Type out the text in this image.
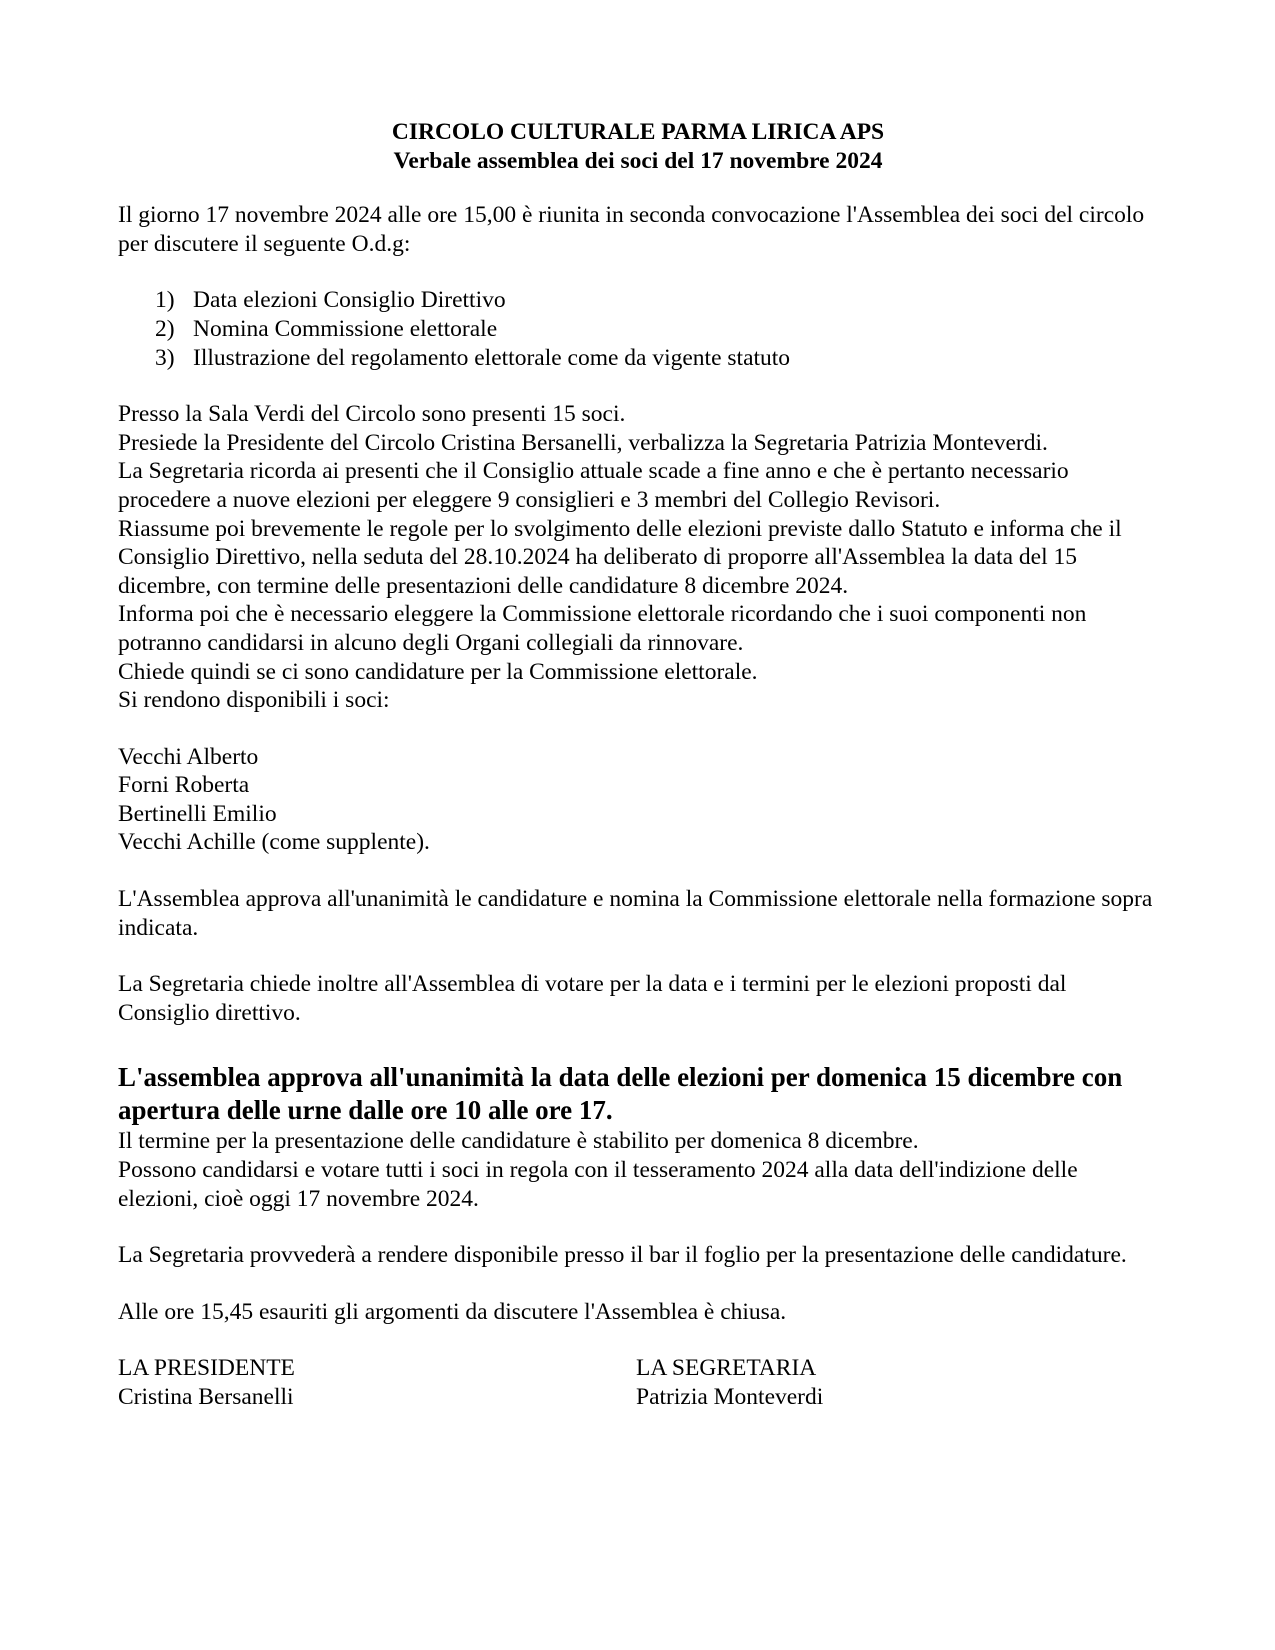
CIRCOLO CULTURALE PARMA LIRICA APS
Verbale assemblea dei soci del 17 novembre 2024

Il giorno 17 novembre 2024 alle ore 15,00 è riunita in seconda convocazione l'Assemblea dei soci del circolo per discutere il seguente O.d.g:

1) Data elezioni Consiglio Direttivo
2) Nomina Commissione elettorale
3) Illustrazione del regolamento elettorale come da vigente statuto

Presso la Sala Verdi del Circolo sono presenti 15 soci.
Presiede la Presidente del Circolo Cristina Bersanelli, verbalizza la Segretaria Patrizia Monteverdi.
La Segretaria ricorda ai presenti che il Consiglio attuale scade a fine anno e che è pertanto necessario procedere a nuove elezioni per eleggere 9 consiglieri e 3 membri del Collegio Revisori.
Riassume poi brevemente le regole per lo svolgimento delle elezioni previste dallo Statuto e informa che il Consiglio Direttivo, nella seduta del 28.10.2024 ha deliberato di proporre all'Assemblea la data del 15 dicembre, con termine delle presentazioni delle candidature 8 dicembre 2024.
Informa poi che è necessario eleggere la Commissione elettorale ricordando che i suoi componenti non potranno candidarsi in alcuno degli Organi collegiali da rinnovare.
Chiede quindi se ci sono candidature per la Commissione elettorale.
Si rendono disponibili i soci:

Vecchi Alberto
Forni Roberta
Bertinelli Emilio
Vecchi Achille (come supplente).

L'Assemblea approva all'unanimità le candidature e nomina la Commissione elettorale nella formazione sopra indicata.

La Segretaria chiede inoltre all'Assemblea di votare per la data e i termini per le elezioni proposti dal Consiglio direttivo.

L'assemblea approva all'unanimità la data delle elezioni per domenica 15 dicembre con apertura delle urne dalle ore 10 alle ore 17.

Il termine per la presentazione delle candidature è stabilito per domenica 8 dicembre.
Possono candidarsi e votare tutti i soci in regola con il tesseramento 2024 alla data dell'indizione delle elezioni, cioè oggi 17 novembre 2024.

La Segretaria provvederà a rendere disponibile presso il bar il foglio per la presentazione delle candidature.

Alle ore 15,45 esauriti gli argomenti da discutere l'Assemblea è chiusa.

LA PRESIDENTE
Cristina Bersanelli
LA SEGRETARIA
Patrizia Monteverdi
